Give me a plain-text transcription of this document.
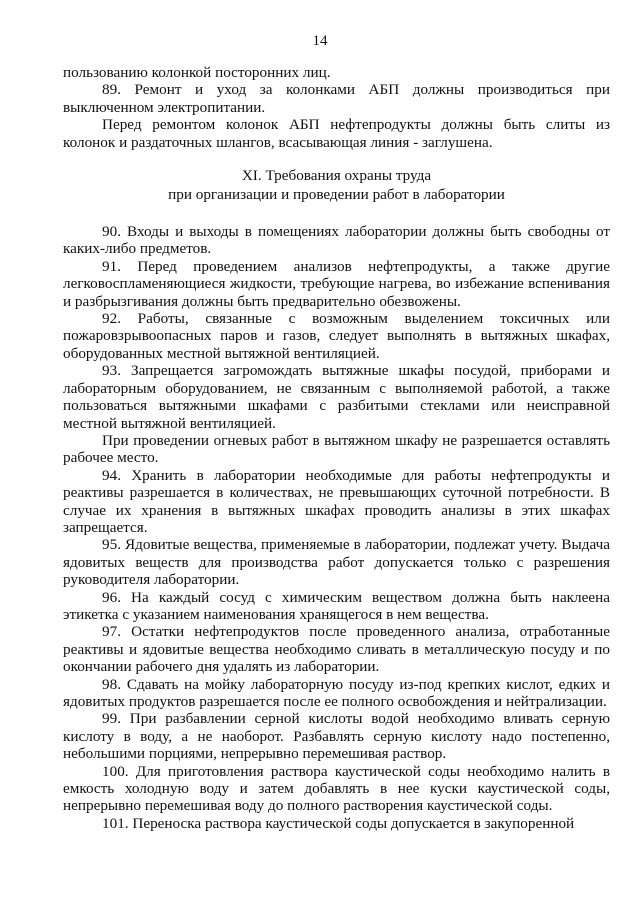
14

пользованию колонкой посторонних лиц.

89. Ремонт и уход за колонками АБП должны производиться при выключенном электропитании.

Перед ремонтом колонок АБП нефтепродукты должны быть слиты из колонок и раздаточных шлангов, всасывающая линия - заглушена.

XI. Требования охраны труда
при организации и проведении работ в лаборатории

90. Входы и выходы в помещениях лаборатории должны быть свободны от каких-либо предметов.

91. Перед проведением анализов нефтепродукты, а также другие легковоспламеняющиеся жидкости, требующие нагрева, во избежание вспенивания и разбрызгивания должны быть предварительно обезвожены.

92. Работы, связанные с возможным выделением токсичных или пожаровзрывоопасных паров и газов, следует выполнять в вытяжных шкафах, оборудованных местной вытяжной вентиляцией.

93. Запрещается загромождать вытяжные шкафы посудой, приборами и лабораторным оборудованием, не связанным с выполняемой работой, а также пользоваться вытяжными шкафами с разбитыми стеклами или неисправной местной вытяжной вентиляцией.

При проведении огневых работ в вытяжном шкафу не разрешается оставлять рабочее место.

94. Хранить в лаборатории необходимые для работы нефтепродукты и реактивы разрешается в количествах, не превышающих суточной потребности. В случае их хранения в вытяжных шкафах проводить анализы в этих шкафах запрещается.

95. Ядовитые вещества, применяемые в лаборатории, подлежат учету. Выдача ядовитых веществ для производства работ допускается только с разрешения руководителя лаборатории.

96. На каждый сосуд с химическим веществом должна быть наклеена этикетка с указанием наименования хранящегося в нем вещества.

97. Остатки нефтепродуктов после проведенного анализа, отработанные реактивы и ядовитые вещества необходимо сливать в металлическую посуду и по окончании рабочего дня удалять из лаборатории.

98. Сдавать на мойку лабораторную посуду из-под крепких кислот, едких и ядовитых продуктов разрешается после ее полного освобождения и нейтрализации.

99. При разбавлении серной кислоты водой необходимо вливать серную кислоту в воду, а не наоборот. Разбавлять серную кислоту надо постепенно, небольшими порциями, непрерывно перемешивая раствор.

100. Для приготовления раствора каустической соды необходимо налить в емкость холодную воду и затем добавлять в нее куски каустической соды, непрерывно перемешивая воду до полного растворения каустической соды.

101. Переноска раствора каустической соды допускается в закупоренной
